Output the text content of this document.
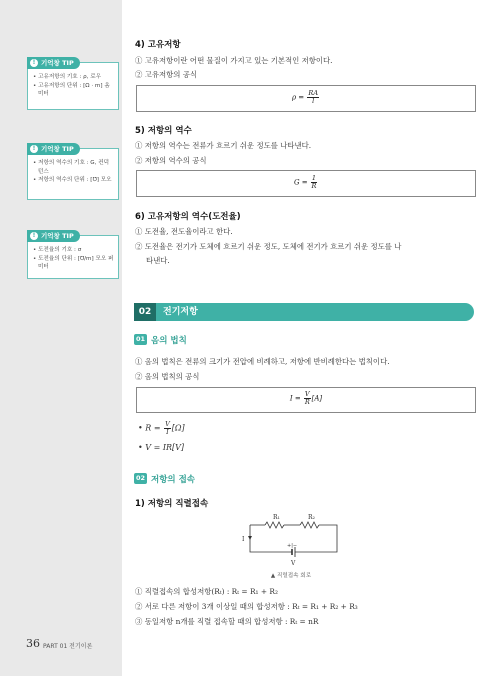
! 기억창 TIP
• 고유저항의 기호 : ρ, 로우
• 고유저항의 단위 : [Ω · m] 옴미터
! 기억창 TIP
• 저항의 역수의 기호 : G, 컨덕턴스
• 저항의 역수의 단위 : [℧] 모오
! 기억창 TIP
• 도전율의 기호 : σ
• 도전율의 단위 : [℧/m] 모오 퍼 미터
4) 고유저항
① 고유저항이란 어떤 물질이 가지고 있는 기본적인 저항이다.
② 고유저항의 공식
$\rho = \frac{RA}{l}$
5) 저항의 역수
① 저항의 역수는 전류가 흐르기 쉬운 정도를 나타낸다.
② 저항의 역수의 공식
$G = \frac{1}{R}$
6) 고유저항의 역수(도전율)
① 도전율, 전도율이라고 한다.
② 도전율은 전기가 도체에 흐르기 쉬운 정도, 도체에 전기가 흐르기 쉬운 정도를 나
타낸다.
02	전기저항
01 옴의 법칙
① 옴의 법칙은 전류의 크기가 전압에 비례하고, 저항에 반비례한다는 법칙이다.
② 옴의 법칙의 공식
$I = \frac{V}{R} [A]$
• $R = \frac{V}{I} [\Omega]$
• V = IR[V]
02 저항의 접속
1) 저항의 직렬접속
R₁	R₂
I
+|−
V
▲ 직렬접속 회로
① 직렬접속의 합성저항(Rₜ) : Rₜ = R₁ + R₂
② 서로 다른 저항이 3개 이상일 때의 합성저항 : Rₜ = R₁ + R₂ + R₃
③ 동일저항 n개를 직렬 접속할 때의 합성저항 : Rₜ = nR
36 PART 01 전기이론
